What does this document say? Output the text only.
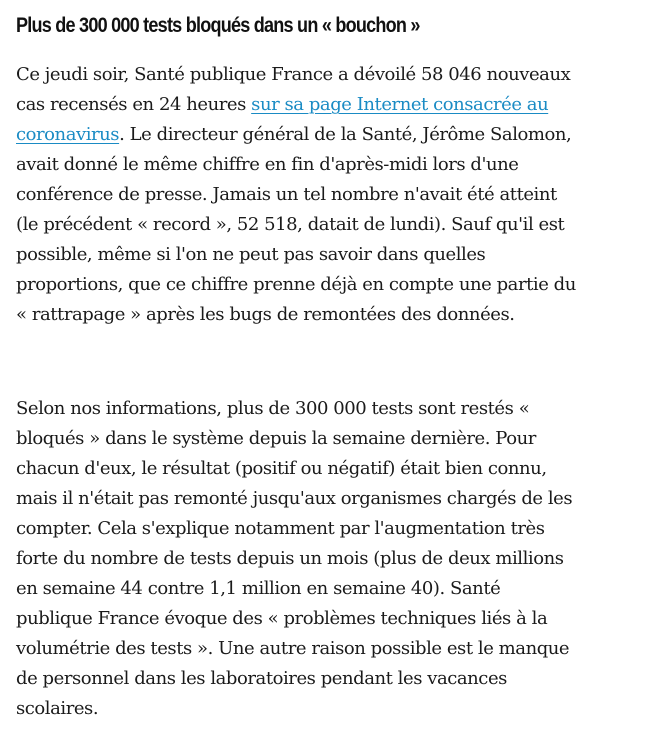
Plus de 300 000 tests bloqués dans un « bouchon »

Ce jeudi soir, Santé publique France a dévoilé 58 046 nouveaux
cas recensés en 24 heures sur sa page Internet consacrée au
coronavirus. Le directeur général de la Santé, Jérôme Salomon,
avait donné le même chiffre en fin d'après-midi lors d'une
conférence de presse. Jamais un tel nombre n'avait été atteint
(le précédent « record », 52 518, datait de lundi). Sauf qu'il est
possible, même si l'on ne peut pas savoir dans quelles
proportions, que ce chiffre prenne déjà en compte une partie du
« rattrapage » après les bugs de remontées des données.

Selon nos informations, plus de 300 000 tests sont restés «
bloqués » dans le système depuis la semaine dernière. Pour
chacun d'eux, le résultat (positif ou négatif) était bien connu,
mais il n'était pas remonté jusqu'aux organismes chargés de les
compter. Cela s'explique notamment par l'augmentation très
forte du nombre de tests depuis un mois (plus de deux millions
en semaine 44 contre 1,1 million en semaine 40). Santé
publique France évoque des « problèmes techniques liés à la
volumétrie des tests ». Une autre raison possible est le manque
de personnel dans les laboratoires pendant les vacances
scolaires.
